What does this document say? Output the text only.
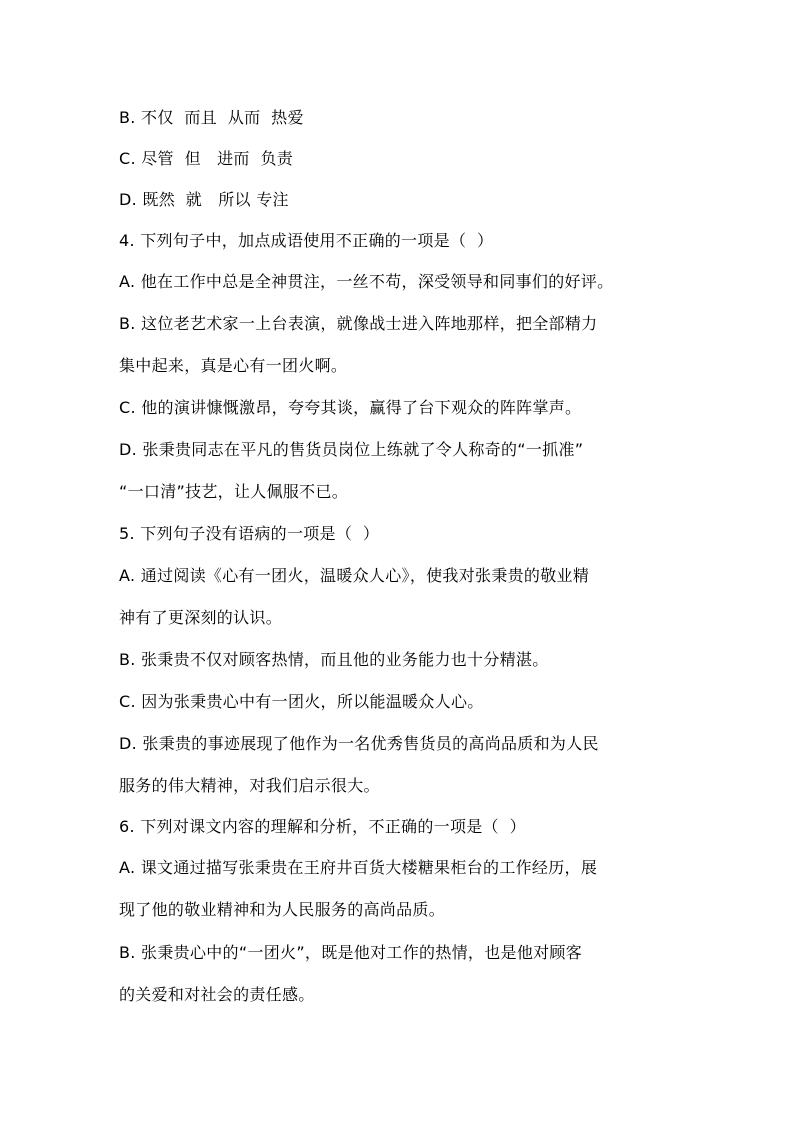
B. 不仅  而且  从而  热爱
C. 尽管  但   进而  负责
D. 既然  就   所以 专注
4. 下列句子中，加点成语使用不正确的一项是（  ）
A. 他在工作中总是全神贯注，一丝不苟，深受领导和同事们的好评。
B. 这位老艺术家一上台表演，就像战士进入阵地那样，把全部精力
集中起来，真是心有一团火啊。
C. 他的演讲慷慨激昂，夸夸其谈，赢得了台下观众的阵阵掌声。
D. 张秉贵同志在平凡的售货员岗位上练就了令人称奇的“一抓准”
“一口清”技艺，让人佩服不已。
5. 下列句子没有语病的一项是（  ）
A. 通过阅读《心有一团火，温暖众人心》，使我对张秉贵的敬业精
神有了更深刻的认识。
B. 张秉贵不仅对顾客热情，而且他的业务能力也十分精湛。
C. 因为张秉贵心中有一团火，所以能温暖众人心。
D. 张秉贵的事迹展现了他作为一名优秀售货员的高尚品质和为人民
服务的伟大精神，对我们启示很大。
6. 下列对课文内容的理解和分析，不正确的一项是（  ）
A. 课文通过描写张秉贵在王府井百货大楼糖果柜台的工作经历，展
现了他的敬业精神和为人民服务的高尚品质。
B. 张秉贵心中的“一团火”，既是他对工作的热情，也是他对顾客
的关爱和对社会的责任感。
